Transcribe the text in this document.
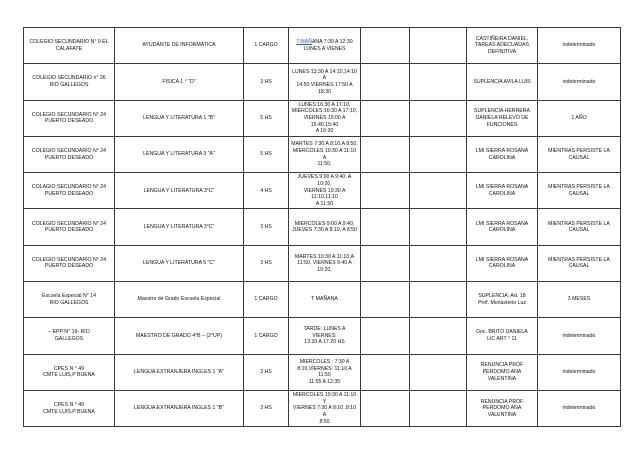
COLEGIO SECUNDARIO N° 9 EL
CALAFATE	AYUDANTE DE INFORMATICA	1 CARGO	T.MAÑANA 7:30 A 12:30
LUNES A VIENES			CASTIÑEIRA DANIEL,
TAREAS ADECUADAS
DEFINITIVA	indeterminado
COLEGIO SECUNDARIO n° 26
RIO GALLEGOS	FISICA 1 ° "D"	3 HS	LUNES 13:30 A 14:10,14:10 A
14:50 VIERNES 17:50 A
18:30			SUPLENCIA AVILA LUIS	indeterminado
COLEGIO SECUNDARIO N° 24
PUERTO DESEADO	LENGUA Y LITERATURA 1 "B"	5 HS	LUNES:16:30 A 17:10,
MIERCOLES:16:30 A 17:10,
VIERNES 15:00 A 15:40,15:40
A 16:20			SUPLENCIA HERRERA
DANIELA RELEVO DE
FUNCIONES	1 AÑO
COLEGIO SECUNDARIO N° 24
PUERTO DESEADO	LENGUA Y LITERATURA 3 "A"	5 HS	MARTES 7:30 A 8:10,A 8:50,
MIERCOLES 10:30 A 11:10 A
11:50,			LMI SIERRA ROSANA
CAROLINA	MIENTRAS PERSISTE LA CAUSAL
COLAGIO SECUNDARIO N° 24
PUERTO DESEADO	LENGUA Y LITERATURA 3°C"	4 HS	JUEVES 9:00 A 9:40, A 10:20,
VIERNES 10:30 A 11:10,11:10
A 11:50			LMI SIERRA ROSANA
CAROLINA	MIENTRAS PERSISTE LA CAUSAL
COLEGIO SECUNDARIO N° 24
PUERTO DESEADO	LENGUA Y LITERATURA 3°C"	3 HS	MIERCOLES 9:00 A 9:40,
JUEVES 7:30 A 8:10, A 8:50			LMI SIERRA ROSANA
CAROLINA	MIENTRAS PERSISTE LA CAUSAL
COLEGIO SECUNDARIO N° 24
PUERTO DESEADO	LENGUA Y LITERATURA 5 "C"	3 HS	MARTES 10:30 A 11:10,A
11:50, VIERNES 9:40 A 10:20,			LMI SIERRA ROSANA
CAROLINA	MIENTRAS PERSISTE LA CAUSAL
Escuela Especial N° 14
RIO GALLEGOS	Maestro de Grado Escuela Especial	1 CARGO	T MAÑANA			SUPLENCIA: Art. 18
Prof. Monasterio Luz	3 MESES
– EPP N° 19- RIO
GALLEGOS	MAESTRO DE GRADO 4°B – (2°UP)	1 CARGO	TARDE: LUNES A VIERNES:
13:20 A 17:20 HS			Doc. BRITO DANIELA
LIC ART ° 11	indeterminado
CPES N ° 49
CMTE LUIS,P BUENA	LENGUA EXTRANJERA INGLES 1 "A"	3 HS	MIERCOLES : 7:30 A
8:10,VIERNES: 11:10 A 11:50
11:55 A 12:35			RENUNCIA PROF
PERDOMO ANA
VALENTINA	indeterminado
CPES N ° 49
CMTE LUIS,P BUENA	LENGUA EXTRANJERA INGLES 1 "B"	3 HS	MIERCOLES 10:30 A 11:10 Y
VIERNES 7:30 A 8:10 ,8:10 A
8:50			RENUNCIA PROF
PERDOMO ANA
VALENTINA	indeterminado
